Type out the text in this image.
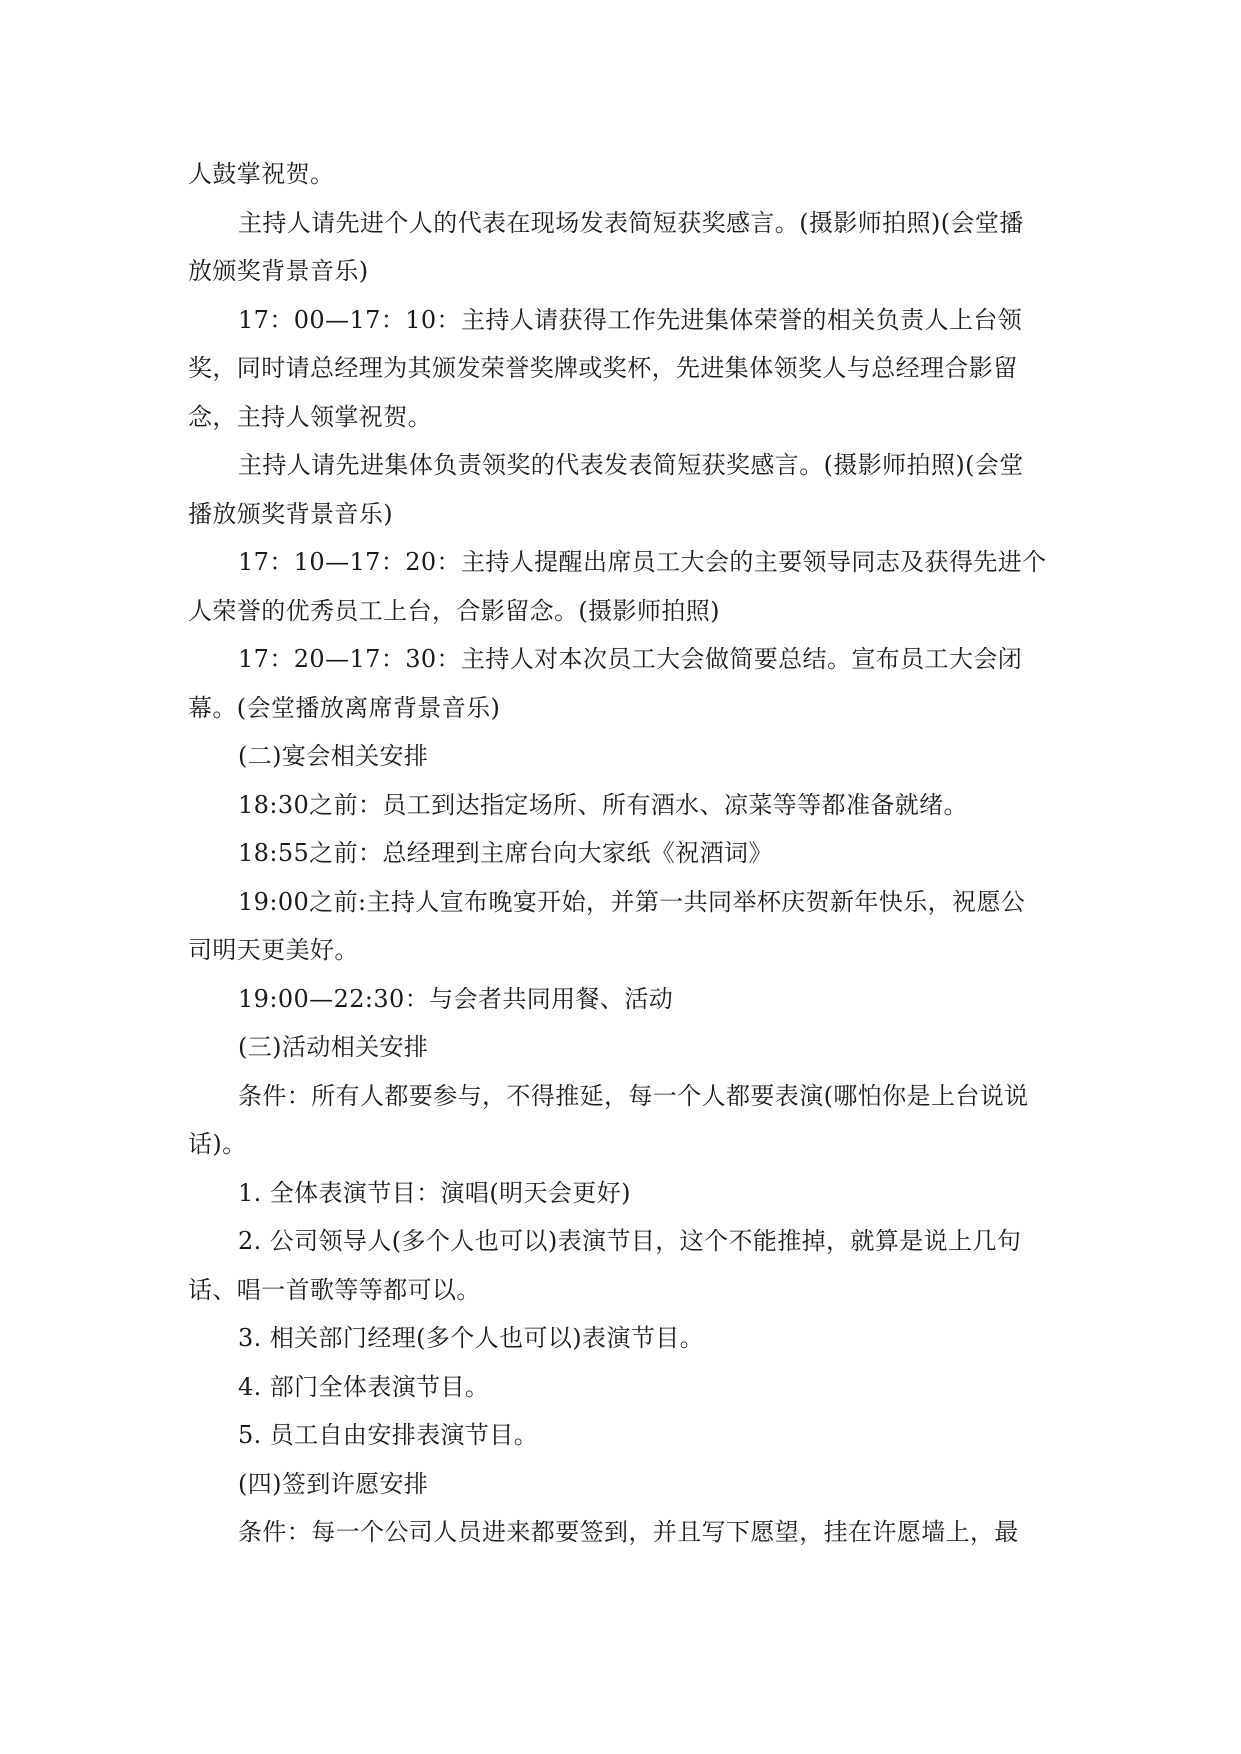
人鼓掌祝贺。
主持人请先进个人的代表在现场发表简短获奖感言。(摄影师拍照)(会堂播
放颁奖背景音乐)
17：00—17：10：主持人请获得工作先进集体荣誉的相关负责人上台领
奖，同时请总经理为其颁发荣誉奖牌或奖杯，先进集体领奖人与总经理合影留
念，主持人领掌祝贺。
主持人请先进集体负责领奖的代表发表简短获奖感言。(摄影师拍照)(会堂
播放颁奖背景音乐)
17：10—17：20：主持人提醒出席员工大会的主要领导同志及获得先进个
人荣誉的优秀员工上台，合影留念。(摄影师拍照)
17：20—17：30：主持人对本次员工大会做简要总结。宣布员工大会闭
幕。(会堂播放离席背景音乐)
(二)宴会相关安排
18:30之前：员工到达指定场所、所有酒水、凉菜等等都准备就绪。
18:55之前：总经理到主席台向大家纸《祝酒词》
19:00之前:主持人宣布晚宴开始，并第一共同举杯庆贺新年快乐，祝愿公
司明天更美好。
19:00—22:30：与会者共同用餐、活动
(三)活动相关安排
条件：所有人都要参与，不得推延，每一个人都要表演(哪怕你是上台说说
话)。
1. 全体表演节目：演唱(明天会更好)
2. 公司领导人(多个人也可以)表演节目，这个不能推掉，就算是说上几句
话、唱一首歌等等都可以。
3. 相关部门经理(多个人也可以)表演节目。
4. 部门全体表演节目。
5. 员工自由安排表演节目。
(四)签到许愿安排
条件：每一个公司人员进来都要签到，并且写下愿望，挂在许愿墙上，最
